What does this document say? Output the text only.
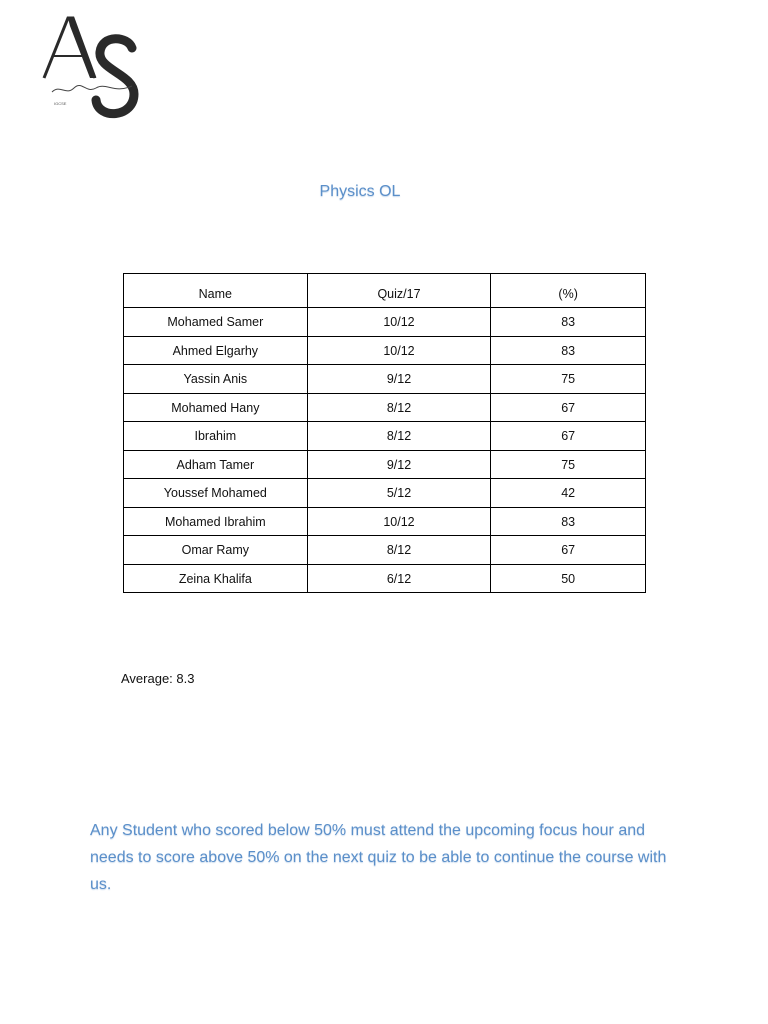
IGCSE
Physics OL
Name	Quiz/17	(%)
Mohamed Samer	10/12	83
Ahmed Elgarhy	10/12	83
Yassin Anis	9/12	75
Mohamed Hany	8/12	67
Ibrahim	8/12	67
Adham Tamer	9/12	75
Youssef Mohamed	5/12	42
Mohamed Ibrahim	10/12	83
Omar Ramy	8/12	67
Zeina Khalifa	6/12	50
Average: 8.3
Any Student who scored below 50% must attend the upcoming focus hour and needs to score above 50% on the next quiz to be able to continue the course with us.
